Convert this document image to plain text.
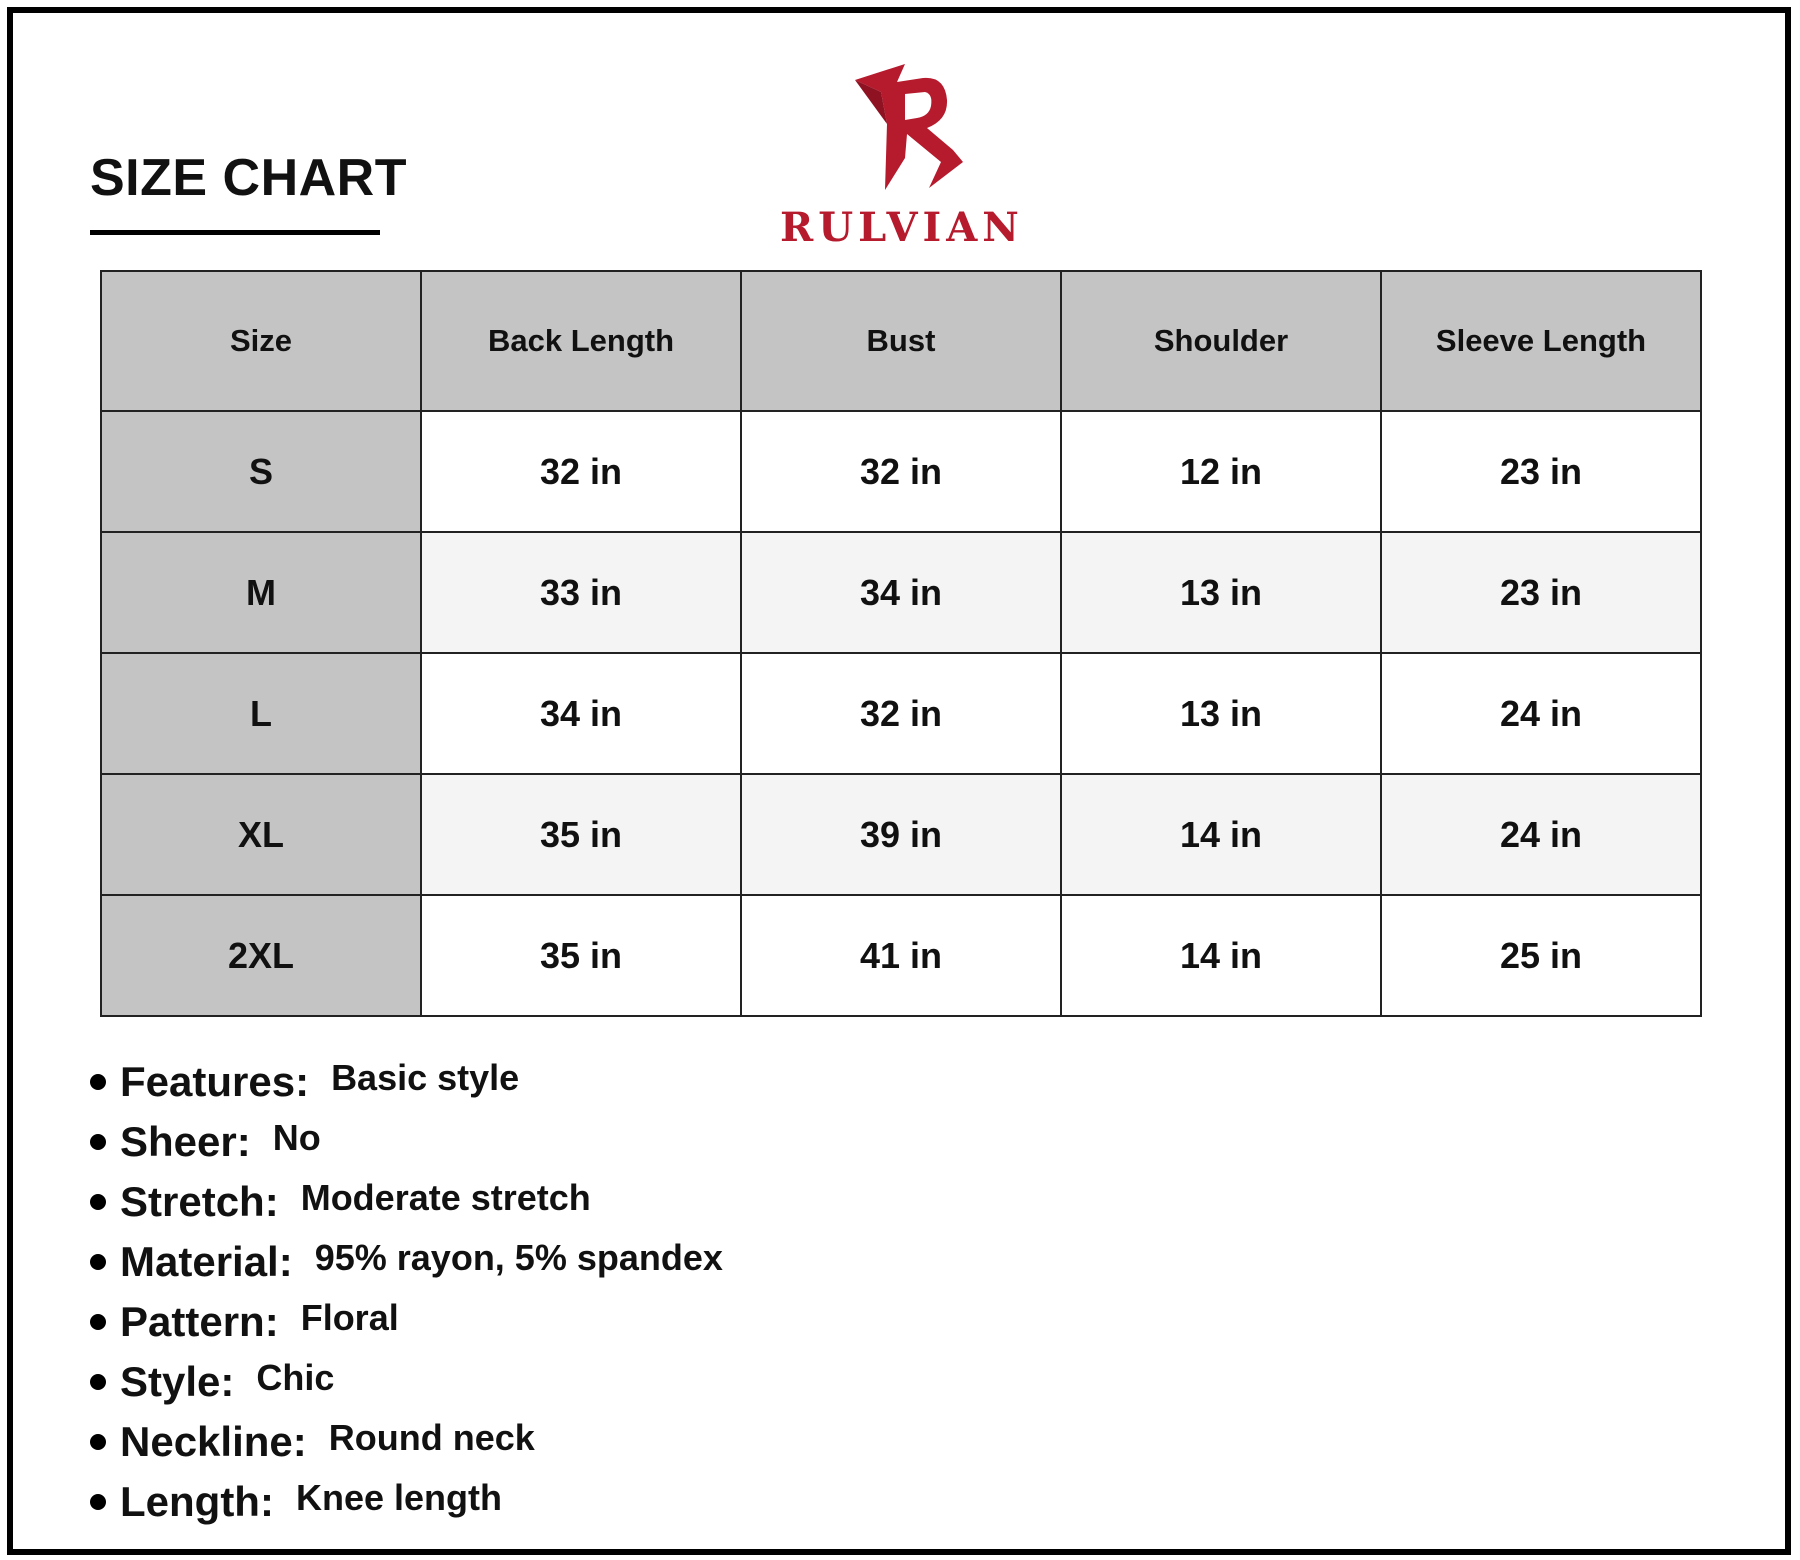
SIZE CHART
RULVIAN
Size	Back Length	Bust	Shoulder	Sleeve Length
S	32 in	32 in	12 in	23 in
M	33 in	34 in	13 in	23 in
L	34 in	32 in	13 in	24 in
XL	35 in	39 in	14 in	24 in
2XL	35 in	41 in	14 in	25 in
Features: Basic style
Sheer: No
Stretch: Moderate stretch
Material: 95% rayon, 5% spandex
Pattern: Floral
Style: Chic
Neckline: Round neck
Length: Knee length
